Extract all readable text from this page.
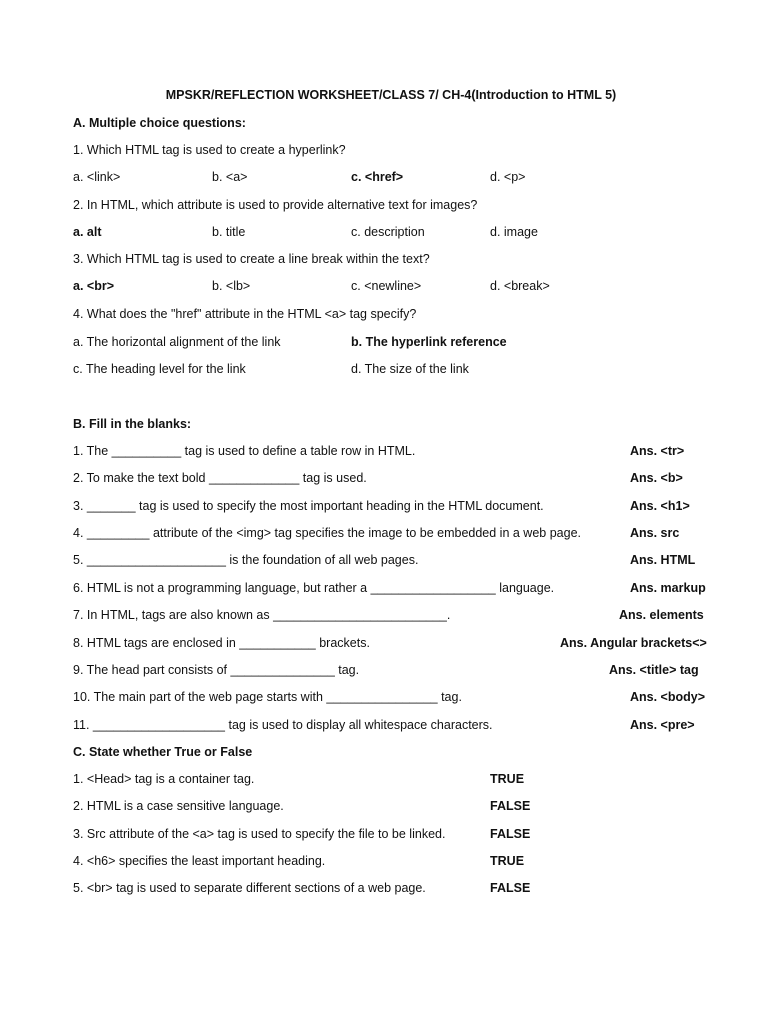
MPSKR/REFLECTION WORKSHEET/CLASS 7/ CH-4(Introduction to HTML 5)
A. Multiple choice questions:
1. Which HTML tag is used to create a hyperlink?
a. <link>	b. <a>	c. <href>	d. <p>
2. In HTML, which attribute is used to provide alternative text for images?
a. alt	b. title	c. description	d. image
3. Which HTML tag is used to create a line break within the text?
a. <br>	b. <lb>	c. <newline>	d. <break>
4. What does the "href" attribute in the HTML <a> tag specify?
a. The horizontal alignment of the link	b. The hyperlink reference
c. The heading level for the link	d. The size of the link
B. Fill in the blanks:
1. The __________ tag is used to define a table row in HTML.	Ans. <tr>
2. To make the text bold _____________ tag is used.	Ans. <b>
3. _______ tag is used to specify the most important heading in the HTML document.	Ans. <h1>
4. _________ attribute of the <img> tag specifies the image to be embedded in a web page.	Ans. src
5. ____________________ is the foundation of all web pages.	Ans. HTML
6. HTML is not a programming language, but rather a __________________ language.	Ans. markup
7. In HTML, tags are also known as _________________________.	Ans. elements
8. HTML tags are enclosed in ___________ brackets.	Ans. Angular brackets<>
9. The head part consists of _______________ tag.	Ans. <title> tag
10. The main part of the web page starts with ________________ tag.	Ans. <body>
11. ___________________ tag is used to display all whitespace characters.	Ans. <pre>
C. State whether True or False
1. <Head> tag is a container tag.	TRUE
2. HTML is a case sensitive language.	FALSE
3. Src attribute of the <a> tag is used to specify the file to be linked.	FALSE
4. <h6> specifies the least important heading.	TRUE
5. <br> tag is used to separate different sections of a web page.	FALSE
